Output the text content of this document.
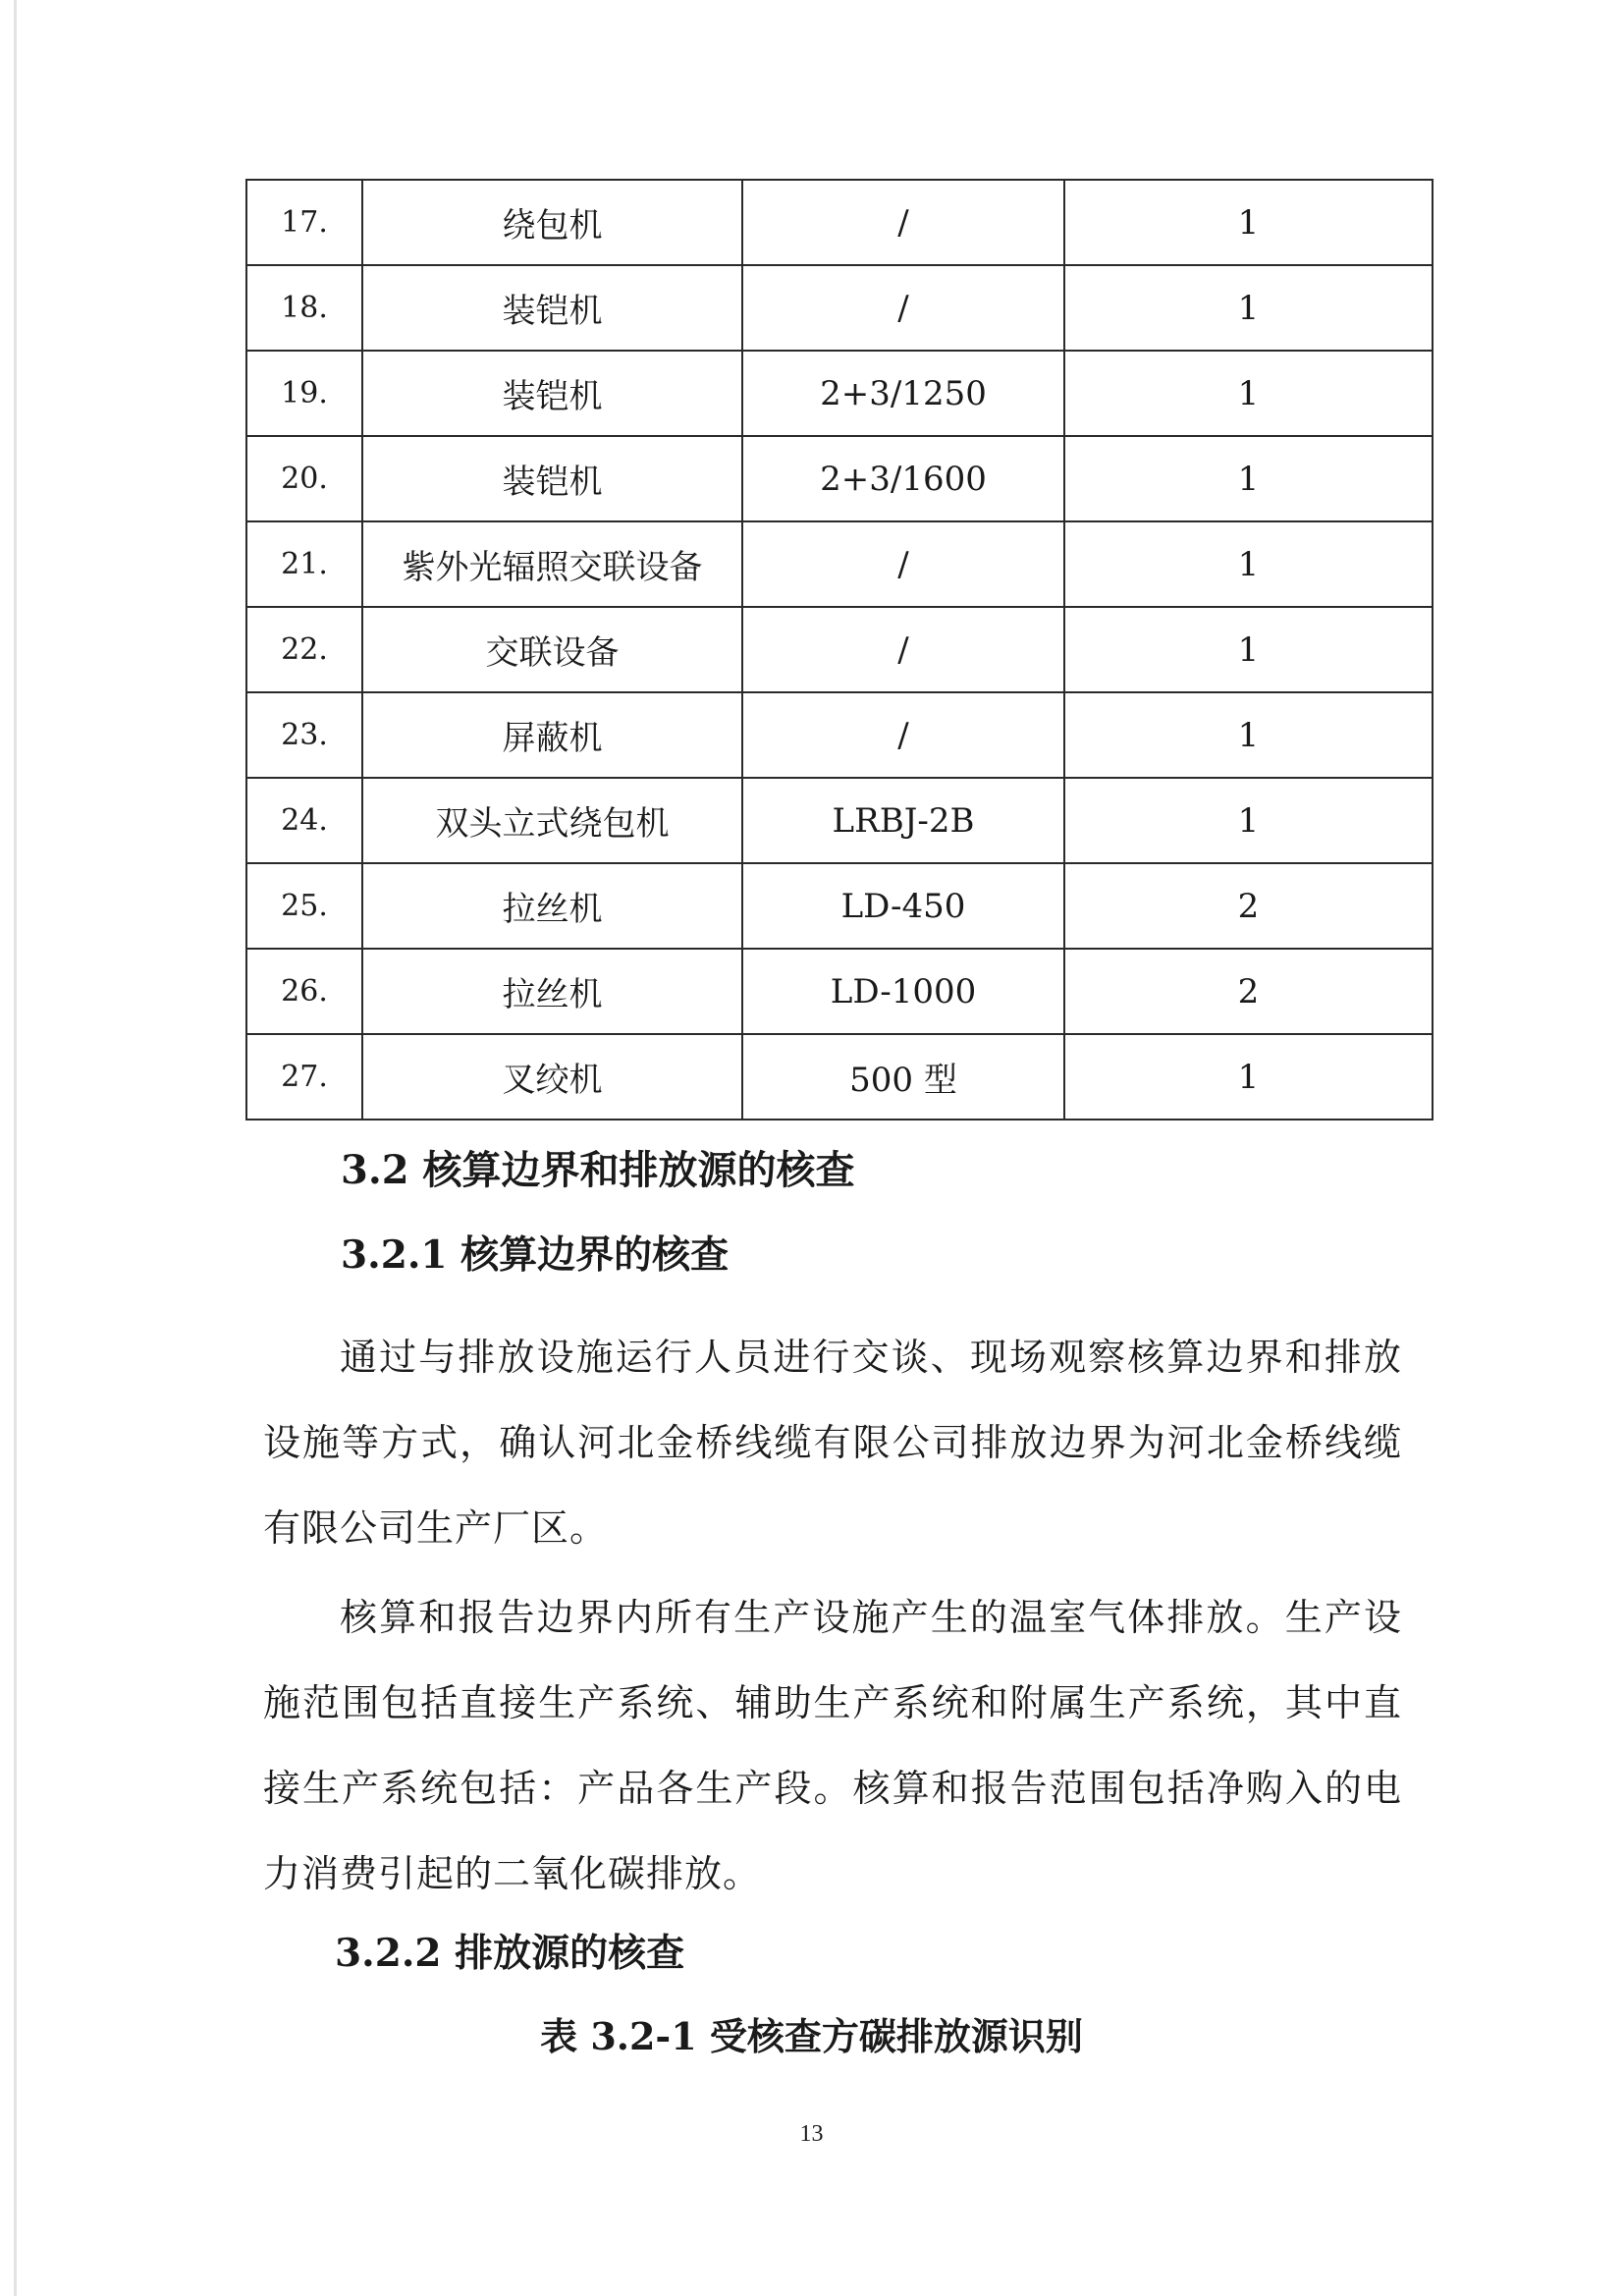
17.	绕包机	/	1
18.	装铠机	/	1
19.	装铠机	2+3/1250	1
20.	装铠机	2+3/1600	1
21.	紫外光辐照交联设备	/	1
22.	交联设备	/	1
23.	屏蔽机	/	1
24.	双头立式绕包机	LRBJ-2B	1
25.	拉丝机	LD-450	2
26.	拉丝机	LD-1000	2
27.	叉绞机	500 型	1
3.2 核算边界和排放源的核查
3.2.1 核算边界的核查
通过与排放设施运行人员进行交谈、现场观察核算边界和排放设施等方式，确认河北金桥线缆有限公司排放边界为河北金桥线缆有限公司生产厂区。
核算和报告边界内所有生产设施产生的温室气体排放。生产设施范围包括直接生产系统、辅助生产系统和附属生产系统，其中直接生产系统包括：产品各生产段。核算和报告范围包括净购入的电力消费引起的二氧化碳排放。
3.2.2 排放源的核查
表 3.2-1 受核查方碳排放源识别
13
